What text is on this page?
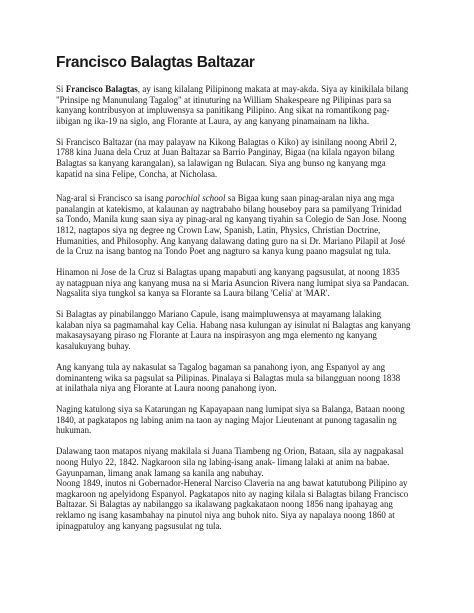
Francisco Balagtas Baltazar

Si Francisco Balagtas, ay isang kilalang Pilipinong makata at may-akda. Siya ay kinikilala bilang
"Prinsipe ng Manunulang Tagalog" at itinuturing na William Shakespeare ng Pilipinas para sa
kanyang kontribusyon at impluwensya sa panitikang Pilipino. Ang sikat na romantikong pag-
iibigan ng ika-19 na siglo, ang Florante at Laura, ay ang kanyang pinamainam na likha.

Si Francisco Baltazar (na may palayaw na Kikong Balagtas o Kiko) ay isinilang noong Abril 2,
1788 kina Juana dela Cruz at Juan Baltazar sa Barrio Panginay, Bigaa (na kilala ngayon bilang
Balagtas sa kanyang karangalan), sa lalawigan ng Bulacan. Siya ang bunso ng kanyang mga
kapatid na sina Felipe, Concha, at Nicholasa.

Nag-aral si Francisco sa isang parochial school sa Bigaa kung saan pinag-aralan niya ang mga
panalangin at katekismo, at kalaunan ay nagtrabaho bilang houseboy para sa pamilyang Trinidad
sa Tondo, Manila kung saan siya ay pinag-aral ng kanyang tiyahin sa Colegio de San Jose. Noong
1812, nagtapos siya ng degree ng Crown Law, Spanish, Latin, Physics, Christian Doctrine,
Humanities, and Philosophy. Ang kanyang dalawang dating guro na si Dr. Mariano Pilapil at José
de la Cruz na isang bantog na Tondo Poet ang nagturo sa kanya kung paano magsulat ng tula.

Hinamon ni Jose de la Cruz si Balagtas upang mapabuti ang kanyang pagsusulat, at noong 1835
ay natagpuan niya ang kanyang musa na si Maria Asuncion Rivera nang lumipat siya sa Pandacan.
Nagsalita siya tungkol sa kanya sa Florante sa Laura bilang 'Celia' at 'MAR'.

Si Balagtas ay pinabilanggo Mariano Capule, isang maimpluwensya at mayamang lalaking
kalaban niya sa pagmamahal kay Celia. Habang nasa kulungan ay isinulat ni Balagtas ang kanyang
makasaysayang piraso ng Florante at Laura na inspirasyon ang mga elemento ng kanyang
kasalukuyang buhay.

Ang kanyang tula ay nakasulat sa Tagalog bagaman sa panahong iyon, ang Espanyol ay ang
dominanteng wika sa pagsulat sa Pilipinas. Pinalaya si Balagtas mula sa bilangguan noong 1838
at inilathala niya ang Florante at Laura noong panahong iyon.

Naging katulong siya sa Katarungan ng Kapayapaan nang lumipat siya sa Balanga, Bataan noong
1840, at pagkatapos ng labing anim na taon ay naging Major Lieutenant at punong tagasalin ng
hukuman.

Dalawang taon matapos niyang makilala si Juana Tiambeng ng Orion, Bataan, sila ay nagpakasal
noong Hulyo 22, 1842. Nagkaroon sila ng labing-isang anak- limang lalaki at anim na babae.
Gayunpaman, limang anak lamang sa kanila ang nabuhay.
Noong 1849, inutos ni Gobernador-Heneral Narciso Claveria na ang bawat katutubong Pilipino ay
magkaroon ng apelyidong Espanyol. Pagkatapos nito ay naging kilala si Balagtas bilang Francisco
Baltazar. Si Balagtas ay nabilanggo sa ikalawang pagkakataon noong 1856 nang ipahayag ang
reklamo ng isang kasambahay na pinutol niya ang buhok nito. Siya ay napalaya noong 1860 at
ipinagpatuloy ang kanyang pagsusulat ng tula.
